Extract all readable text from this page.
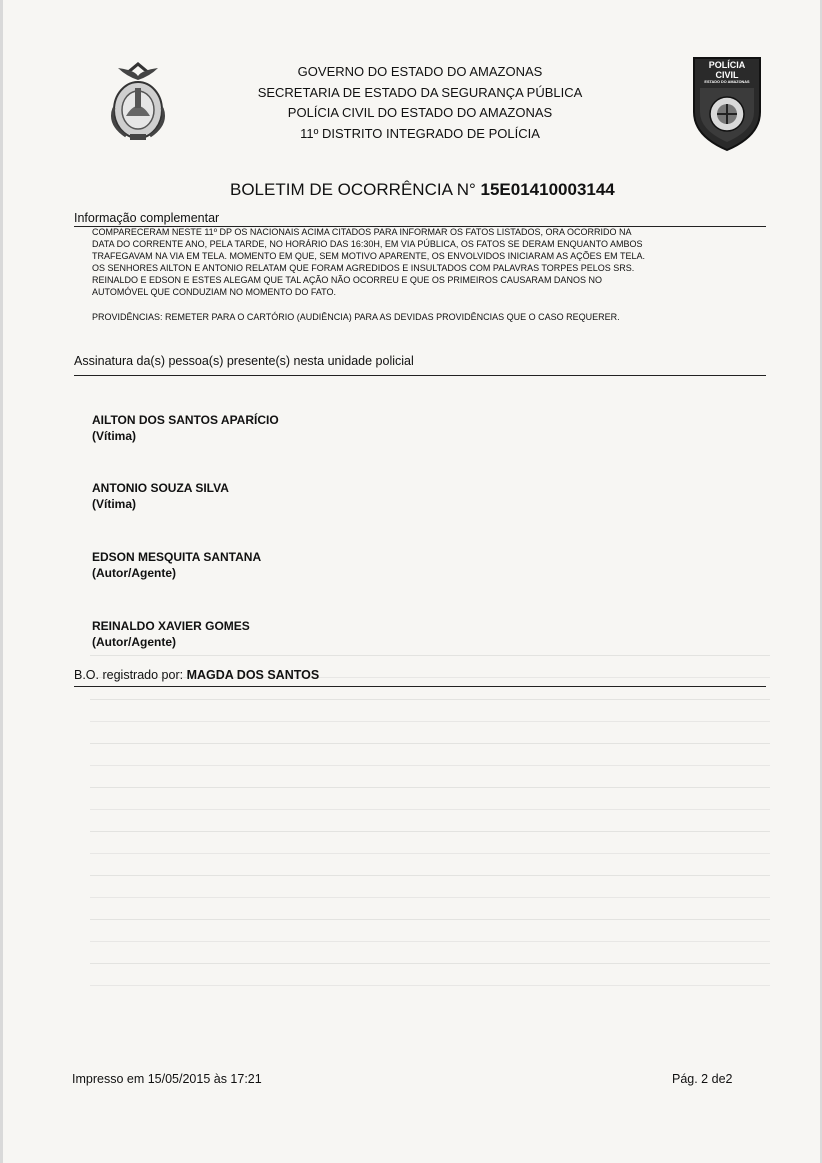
POLÍCIA
CIVIL
ESTADO DO AMAZONAS
GOVERNO DO ESTADO DO AMAZONAS
SECRETARIA DE ESTADO DA SEGURANÇA PÚBLICA
POLÍCIA CIVIL DO ESTADO DO AMAZONAS
11º DISTRITO INTEGRADO DE POLÍCIA
BOLETIM DE OCORRÊNCIA N° 15E01410003144
Informação complementar

COMPARECERAM NESTE 11º DP OS NACIONAIS ACIMA CITADOS PARA INFORMAR OS FATOS LISTADOS, ORA OCORRIDO NA
DATA DO CORRENTE ANO, PELA TARDE, NO HORÁRIO DAS 16:30H, EM VIA PÚBLICA, OS FATOS SE DERAM ENQUANTO AMBOS
TRAFEGAVAM NA VIA EM TELA. MOMENTO EM QUE, SEM MOTIVO APARENTE, OS ENVOLVIDOS INICIARAM AS AÇÕES EM TELA.
OS SENHORES AILTON E ANTONIO RELATAM QUE FORAM AGREDIDOS E INSULTADOS COM PALAVRAS TORPES PELOS SRS.
REINALDO E EDSON E ESTES ALEGAM QUE TAL AÇÃO NÃO OCORREU E QUE OS PRIMEIROS CAUSARAM DANOS NO
AUTOMÓVEL QUE CONDUZIAM NO MOMENTO DO FATO.

PROVIDÊNCIAS: REMETER PARA O CARTÓRIO (AUDIÊNCIA) PARA AS DEVIDAS PROVIDÊNCIAS QUE O CASO REQUERER.

Assinatura da(s) pessoa(s) presente(s) nesta unidade policial
AILTON DOS SANTOS APARÍCIO
(Vítima)
ANTONIO SOUZA SILVA
(Vítima)
EDSON MESQUITA SANTANA
(Autor/Agente)
REINALDO XAVIER GOMES
(Autor/Agente)
B.O. registrado por: MAGDA DOS SANTOS
Impresso em 15/05/2015 às 17:21	Pág. 2 de2
